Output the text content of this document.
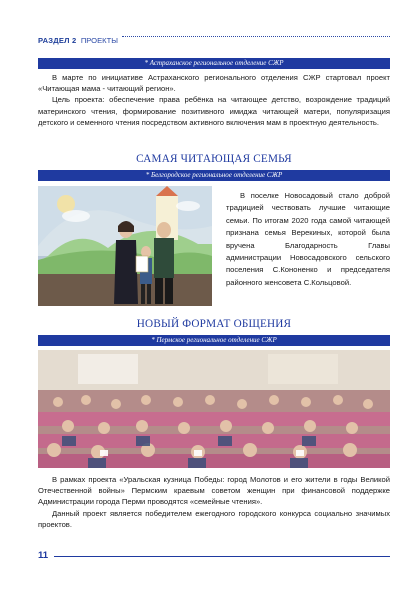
РАЗДЕЛ 2 ПРОЕКТЫ
* Астраханское региональное отделение СЖР

В марте по инициативе Астраханского регионального отделения СЖР стартовал проект «Читающая мама - читающий регион».

Цель проекта: обеспечение права ребёнка на читающее детство, возрождение традиций материнского чтения, формирование позитивного имиджа читающей матери, популяризация детского и семенного чтения посредством активного включения мам в проектную деятельность.

САМАЯ ЧИТАЮЩАЯ СЕМЬЯ
* Белгородское региональное отделение СЖР

В поселке Новосадовый стало доброй традицией чествовать лучшие читающие семьи. По итогам 2020 года самой читающей признана семья Верекиных, которой была вручена Благодарность Главы администрации Новосадовского сельского поселения С.Кононенко и председателя районного женсовета С.Кольцовой.

НОВЫЙ ФОРМАТ ОБЩЕНИЯ
* Пермское региональное отделение СЖР

В рамках проекта «Уральская кузница Победы: город Молотов и его жители в годы Великой Отечественной войны» Пермским краевым советом женщин при финансовой поддержке Администрации города Перми проводятся «семейные чтения».

Данный проект является победителем ежегодного городского конкурса социально значимых проектов.

11
